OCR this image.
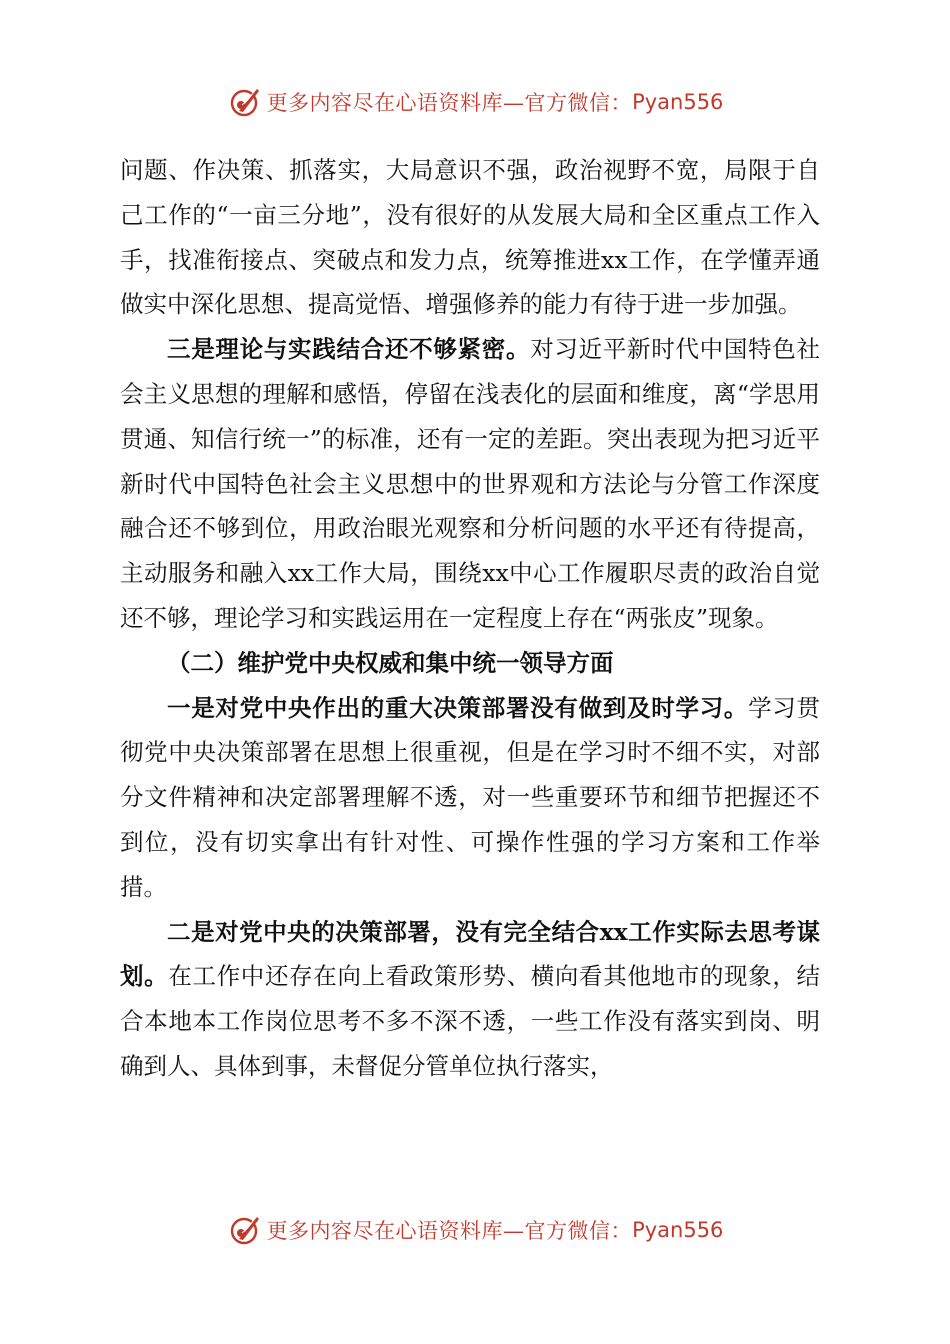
更多内容尽在心语资料库—官方微信： Pyan556

问题、作决策、抓落实，大局意识不强，政治视野不宽，局限于自己工作的“一亩三分地”，没有很好的从发展大局和全区重点工作入手，找准衔接点、突破点和发力点，统筹推进xx工作，在学懂弄通做实中深化思想、提高觉悟、增强修养的能力有待于进一步加强。

三是理论与实践结合还不够紧密。对习近平新时代中国特色社会主义思想的理解和感悟，停留在浅表化的层面和维度，离“学思用贯通、知信行统一”的标准，还有一定的差距。突出表现为把习近平新时代中国特色社会主义思想中的世界观和方法论与分管工作深度融合还不够到位，用政治眼光观察和分析问题的水平还有待提高，主动服务和融入xx工作大局，围绕xx中心工作履职尽责的政治自觉还不够，理论学习和实践运用在一定程度上存在“两张皮”现象。

（二）维护党中央权威和集中统一领导方面

一是对党中央作出的重大决策部署没有做到及时学习。学习贯彻党中央决策部署在思想上很重视，但是在学习时不细不实，对部分文件精神和决定部署理解不透，对一些重要环节和细节把握还不到位，没有切实拿出有针对性、可操作性强的学习方案和工作举措。

二是对党中央的决策部署，没有完全结合xx工作实际去思考谋划。在工作中还存在向上看政策形势、横向看其他地市的现象，结合本地本工作岗位思考不多不深不透，一些工作没有落实到岗、明确到人、具体到事，未督促分管单位执行落实，

更多内容尽在心语资料库—官方微信： Pyan556
